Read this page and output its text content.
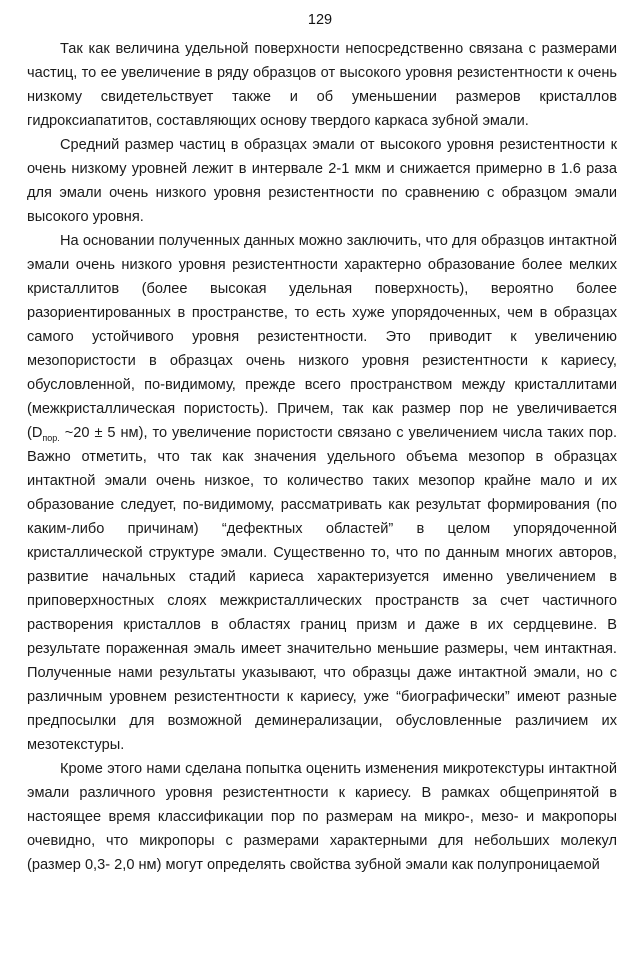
129

Так как величина удельной поверхности непосредственно связана с размерами частиц, то ее увеличение в ряду образцов от высокого уровня резистентности к очень низкому свидетельствует также и об уменьшении размеров кристаллов гидроксиапатитов, составляющих основу твердого каркаса зубной эмали.

Средний размер частиц в образцах эмали от высокого уровня резистентности к очень низкому уровней лежит в интервале 2-1 мкм и снижается примерно в 1.6 раза для эмали очень низкого уровня резистентности по сравнению с образцом эмали высокого уровня.

На основании полученных данных можно заключить, что для образцов интактной эмали очень низкого уровня резистентности характерно образование более мелких кристаллитов (более высокая удельная поверхность), вероятно более разориентированных в пространстве, то есть хуже упорядоченных, чем в образцах самого устойчивого уровня резистентности. Это приводит к увеличению мезопористости в образцах очень низкого уровня резистентности к кариесу, обусловленной, по-видимому, прежде всего пространством между кристаллитами (межкристаллическая пористость). Причем, так как размер пор не увеличивается ($D_{пор.}$ ~20 ± 5 нм), то увеличение пористости связано с увеличением числа таких пор. Важно отметить, что так как значения удельного объема мезопор в образцах интактной эмали очень низкое, то количество таких мезопор крайне мало и их образование следует, по-видимому, рассматривать как результат формирования (по каким-либо причинам) “дефектных областей” в целом упорядоченной кристаллической структуре эмали. Существенно то, что по данным многих авторов, развитие начальных стадий кариеса характеризуется именно увеличением в приповерхностных слоях межкристаллических пространств за счет частичного растворения кристаллов в областях границ призм и даже в их сердцевине. В результате пораженная эмаль имеет значительно меньшие размеры, чем интактная. Полученные нами результаты указывают, что образцы даже интактной эмали, но с различным уровнем резистентности к кариесу, уже “биографически” имеют разные предпосылки для возможной деминерализации, обусловленные различием их мезотекстуры.

Кроме этого нами сделана попытка оценить изменения микротекстуры интактной эмали различного уровня резистентности к кариесу. В рамках общепринятой в настоящее время классификации пор по размерам на микро-, мезо- и макропоры очевидно, что микропоры с размерами характерными для небольших молекул (размер 0,3- 2,0 нм) могут определять свойства зубной эмали как полупроницаемой
